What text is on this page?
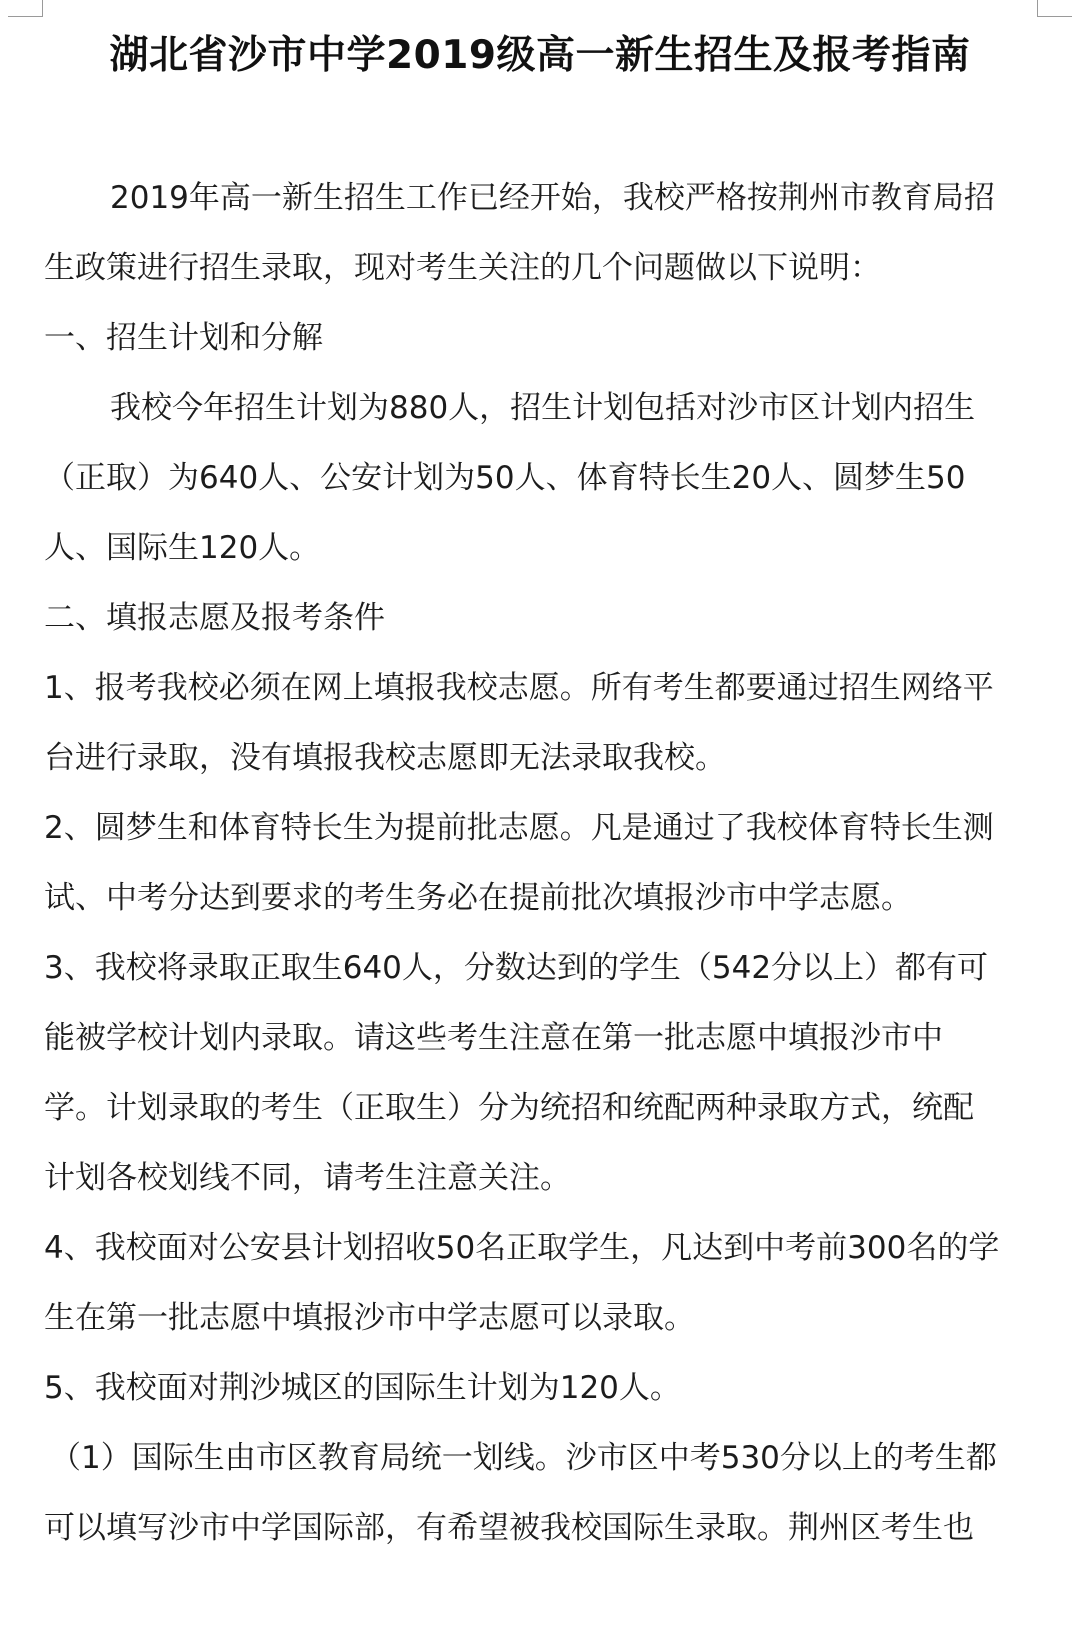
湖北省沙市中学2019级高一新生招生及报考指南
2019年高一新生招生工作已经开始，我校严格按荆州市教育局招
生政策进行招生录取，现对考生关注的几个问题做以下说明：
一、招生计划和分解
我校今年招生计划为880人，招生计划包括对沙市区计划内招生
（正取）为640人、公安计划为50人、体育特长生20人、圆梦生50
人、国际生120人。
二、填报志愿及报考条件
1、报考我校必须在网上填报我校志愿。所有考生都要通过招生网络平
台进行录取，没有填报我校志愿即无法录取我校。
2、圆梦生和体育特长生为提前批志愿。凡是通过了我校体育特长生测
试、中考分达到要求的考生务必在提前批次填报沙市中学志愿。
3、我校将录取正取生640人，分数达到的学生（542分以上）都有可
能被学校计划内录取。请这些考生注意在第一批志愿中填报沙市中
学。计划录取的考生（正取生）分为统招和统配两种录取方式，统配
计划各校划线不同，请考生注意关注。
4、我校面对公安县计划招收50名正取学生，凡达到中考前300名的学
生在第一批志愿中填报沙市中学志愿可以录取。
5、我校面对荆沙城区的国际生计划为120人。
（1）国际生由市区教育局统一划线。沙市区中考530分以上的考生都
可以填写沙市中学国际部，有希望被我校国际生录取。荆州区考生也
